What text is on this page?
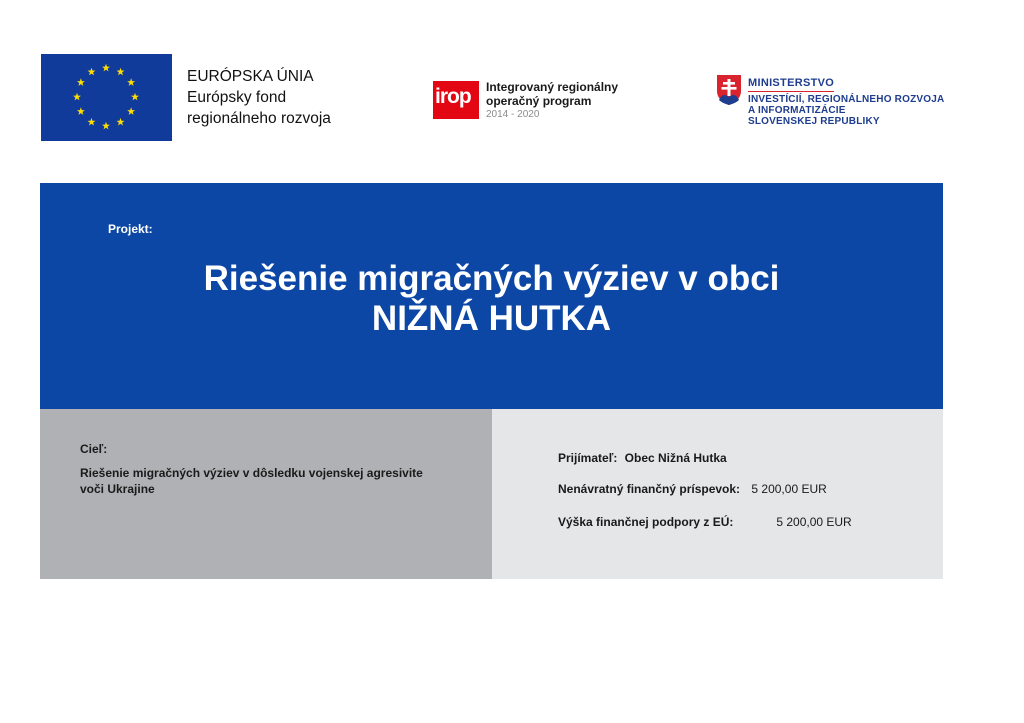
EURÓPSKA ÚNIA
Európsky fond
regionálneho rozvoja
irop Integrovaný regionálny
operačný program
2014 - 2020
MINISTERSTVO
INVESTÍCIÍ, REGIONÁLNEHO ROZVOJA
A INFORMATIZÁCIE
SLOVENSKEJ REPUBLIKY
Projekt:
Riešenie migračných výziev v obci
NIŽNÁ HUTKA
Cieľ:
Riešenie migračných výziev v dôsledku vojenskej agresivite voči Ukrajine
Prijímateľ: Obec Nižná Hutka
Nenávratný finančný príspevok: 5 200,00 EUR
Výška finančnej podpory z EÚ:	5 200,00 EUR
